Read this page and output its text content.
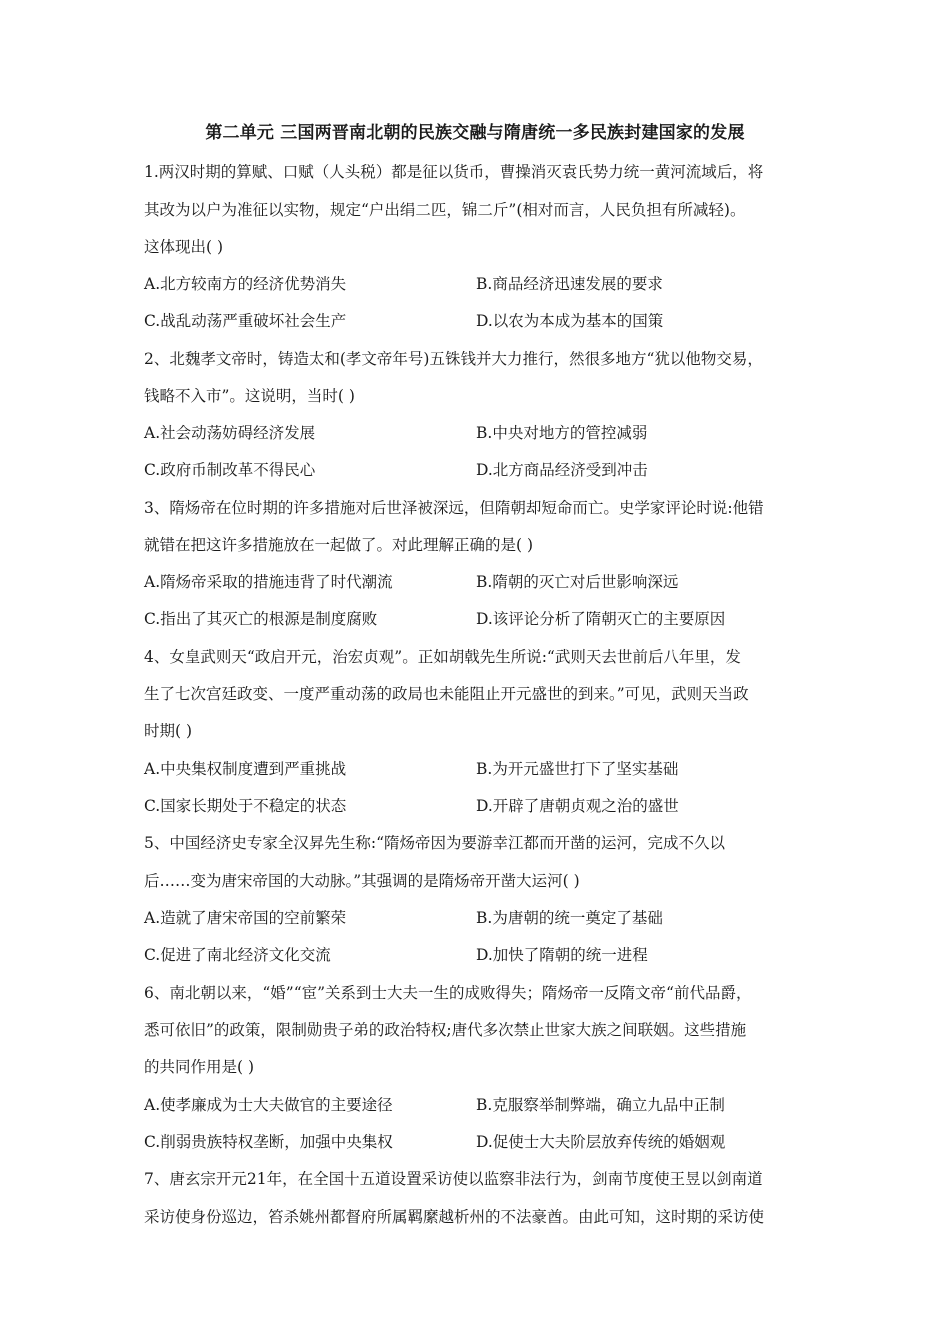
第二单元 三国两晋南北朝的民族交融与隋唐统一多民族封建国家的发展
1.两汉时期的算赋、口赋（人头税）都是征以货币，曹操消灭袁氏势力统一黄河流域后，将
其改为以户为准征以实物，规定“户出绢二匹，锦二斤”(相对而言，人民负担有所减轻)。
这体现出( )
A.北方较南方的经济优势消失	B.商品经济迅速发展的要求
C.战乱动荡严重破坏社会生产	D.以农为本成为基本的国策
2、北魏孝文帝时，铸造太和(孝文帝年号)五铢钱并大力推行，然很多地方“犹以他物交易，
钱略不入市”。这说明，当时( )
A.社会动荡妨碍经济发展	B.中央对地方的管控减弱
C.政府币制改革不得民心	D.北方商品经济受到冲击
3、隋炀帝在位时期的许多措施对后世泽被深远，但隋朝却短命而亡。史学家评论时说:他错
就错在把这许多措施放在一起做了。对此理解正确的是( )
A.隋炀帝采取的措施违背了时代潮流	B.隋朝的灭亡对后世影响深远
C.指出了其灭亡的根源是制度腐败	D.该评论分析了隋朝灭亡的主要原因
4、女皇武则天“政启开元，治宏贞观”。正如胡戟先生所说:“武则天去世前后八年里，发
生了七次宫廷政变、一度严重动荡的政局也未能阻止开元盛世的到来。”可见，武则天当政
时期( )
A.中央集权制度遭到严重挑战	B.为开元盛世打下了坚实基础
C.国家长期处于不稳定的状态	D.开辟了唐朝贞观之治的盛世
5、中国经济史专家全汉昇先生称:“隋炀帝因为要游幸江都而开凿的运河，完成不久以
后……变为唐宋帝国的大动脉。”其强调的是隋炀帝开凿大运河( )
A.造就了唐宋帝国的空前繁荣	B.为唐朝的统一奠定了基础
C.促进了南北经济文化交流	D.加快了隋朝的统一进程
6、南北朝以来，“婚”“宦”关系到士大夫一生的成败得失；隋炀帝一反隋文帝“前代品爵，
悉可依旧”的政策，限制勋贵子弟的政治特权;唐代多次禁止世家大族之间联姻。这些措施
的共同作用是( )
A.使孝廉成为士大夫做官的主要途径	B.克服察举制弊端，确立九品中正制
C.削弱贵族特权垄断，加强中央集权	D.促使士大夫阶层放弃传统的婚姻观
7、唐玄宗开元21年，在全国十五道设置采访使以监察非法行为，剑南节度使王昱以剑南道
采访使身份巡边，笞杀姚州都督府所属羁縻越析州的不法豪酋。由此可知，这时期的采访使
